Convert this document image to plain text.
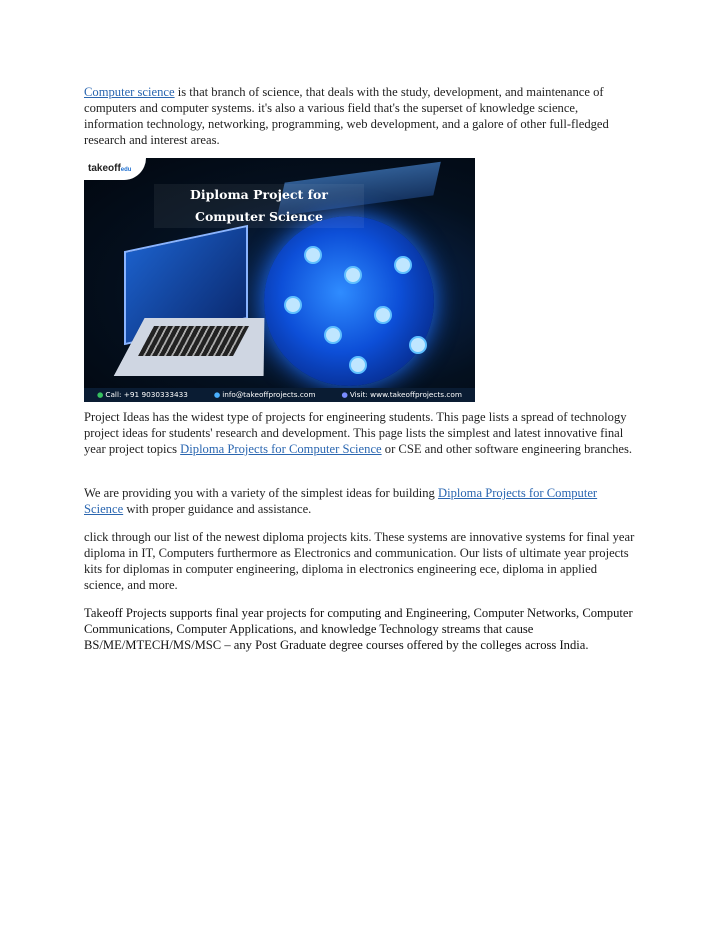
Computer science is that branch of science, that deals with the study, development, and maintenance of computers and computer systems. it's also a various field that's the superset of knowledge science, information technology, networking, programming, web development, and a galore of other full-fledged research and interest areas.

takeoffedu
Diploma Project for Computer Science
● Call: +91 9030333433	● info@takeoffprojects.com	● Visit: www.takeoffprojects.com

Project Ideas has the widest type of projects for engineering students. This page lists a spread of technology project ideas for students' research and development. This page lists the simplest and latest innovative final year project topics Diploma Projects for Computer Science or CSE and other software engineering branches.

We are providing you with a variety of the simplest ideas for building Diploma Projects for Computer Science with proper guidance and assistance.

click through our list of the newest diploma projects kits. These systems are innovative systems for final year diploma in IT, Computers furthermore as Electronics and communication. Our lists of ultimate year projects kits for diplomas in computer engineering, diploma in electronics engineering ece, diploma in applied science, and more.

Takeoff Projects supports final year projects for computing and Engineering, Computer Networks, Computer Communications, Computer Applications, and knowledge Technology streams that cause BS/ME/MTECH/MS/MSC – any Post Graduate degree courses offered by the colleges across India.
